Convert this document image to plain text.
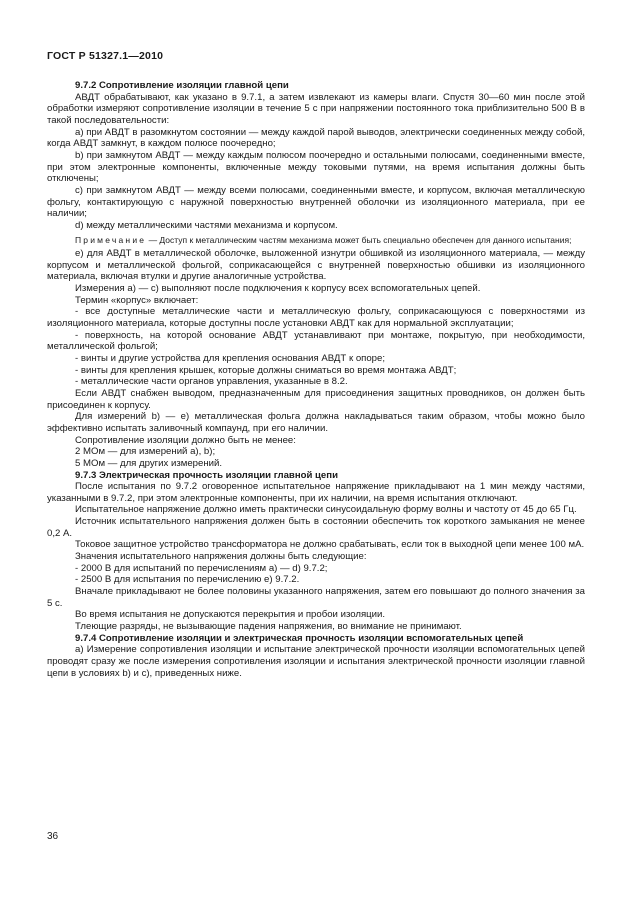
ГОСТ Р 51327.1—2010

9.7.2 Сопротивление изоляции главной цепи

АВДТ обрабатывают, как указано в 9.7.1, а затем извлекают из камеры влаги. Спустя 30—60 мин после этой обработки измеряют сопротивление изоляции в течение 5 с при напряжении постоянного тока приблизительно 500 В в такой последовательности:

а) при АВДТ в разомкнутом состоянии — между каждой парой выводов, электрически соединенных между собой, когда АВДТ замкнут, в каждом полюсе поочередно;

b) при замкнутом АВДТ — между каждым полюсом поочередно и остальными полюсами, соединенными вместе, при этом электронные компоненты, включенные между токовыми путями, на время испытания должны быть отключены;

с) при замкнутом АВДТ — между всеми полюсами, соединенными вместе, и корпусом, включая металлическую фольгу, контактирующую с наружной поверхностью внутренней оболочки из изоляционного материала, при ее наличии;

d) между металлическими частями механизма и корпусом.

Примечание — Доступ к металлическим частям механизма может быть специально обеспечен для данного испытания;

е) для АВДТ в металлической оболочке, выложенной изнутри обшивкой из изоляционного материала, — между корпусом и металлической фольгой, соприкасающейся с внутренней поверхностью обшивки из изоляционного материала, включая втулки и другие аналогичные устройства.

Измерения а) — с) выполняют после подключения к корпусу всех вспомогательных цепей.

Термин «корпус» включает:

- все доступные металлические части и металлическую фольгу, соприкасающуюся с поверхностями из изоляционного материала, которые доступны после установки АВДТ как для нормальной эксплуатации;

- поверхность, на которой основание АВДТ устанавливают при монтаже, покрытую, при необходимости, металлической фольгой;

- винты и другие устройства для крепления основания АВДТ к опоре;

- винты для крепления крышек, которые должны сниматься во время монтажа АВДТ;

- металлические части органов управления, указанные в 8.2.

Если АВДТ снабжен выводом, предназначенным для присоединения защитных проводников, он должен быть присоединен к корпусу.

Для измерений b) — е) металлическая фольга должна накладываться таким образом, чтобы можно было эффективно испытать заливочный компаунд, при его наличии.

Сопротивление изоляции должно быть не менее:

2 МОм — для измерений а), b);

5 МОм — для других измерений.

9.7.3 Электрическая прочность изоляции главной цепи

После испытания по 9.7.2 оговоренное испытательное напряжение прикладывают на 1 мин между частями, указанными в 9.7.2, при этом электронные компоненты, при их наличии, на время испытания отключают.

Испытательное напряжение должно иметь практически синусоидальную форму волны и частоту от 45 до 65 Гц.

Источник испытательного напряжения должен быть в состоянии обеспечить ток короткого замыкания не менее 0,2 А.

Токовое защитное устройство трансформатора не должно срабатывать, если ток в выходной цепи менее 100 мА.

Значения испытательного напряжения должны быть следующие:

- 2000 В для испытаний по перечислениям а) — d) 9.7.2;

- 2500 В для испытания по перечислению е) 9.7.2.

Вначале прикладывают не более половины указанного напряжения, затем его повышают до полного значения за 5 с.

Во время испытания не допускаются перекрытия и пробои изоляции.

Тлеющие разряды, не вызывающие падения напряжения, во внимание не принимают.

9.7.4 Сопротивление изоляции и электрическая прочность изоляции вспомогательных цепей

а) Измерение сопротивления изоляции и испытание электрической прочности изоляции вспомогательных цепей проводят сразу же после измерения сопротивления изоляции и испытания электрической прочности изоляции главной цепи в условиях b) и с), приведенных ниже.

36
